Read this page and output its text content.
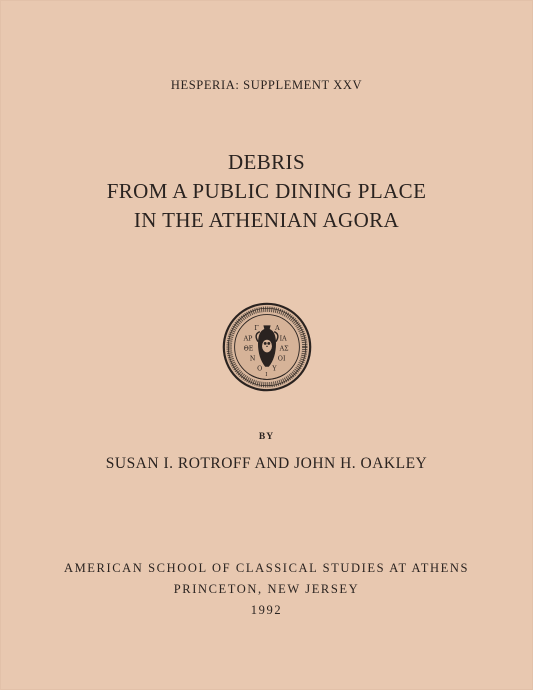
HESPERIA: SUPPLEMENT XXV
DEBRIS
FROM A PUBLIC DINING PLACE
IN THE ATHENIAN AGORA
Γ Α
ΑΡ	ΙΑ
ΘΕ	ΑΣ
Ν	ΟΙ
Ο Υ
Ι
BY
SUSAN I. ROTROFF AND JOHN H. OAKLEY
AMERICAN SCHOOL OF CLASSICAL STUDIES AT ATHENS
PRINCETON, NEW JERSEY
1992
